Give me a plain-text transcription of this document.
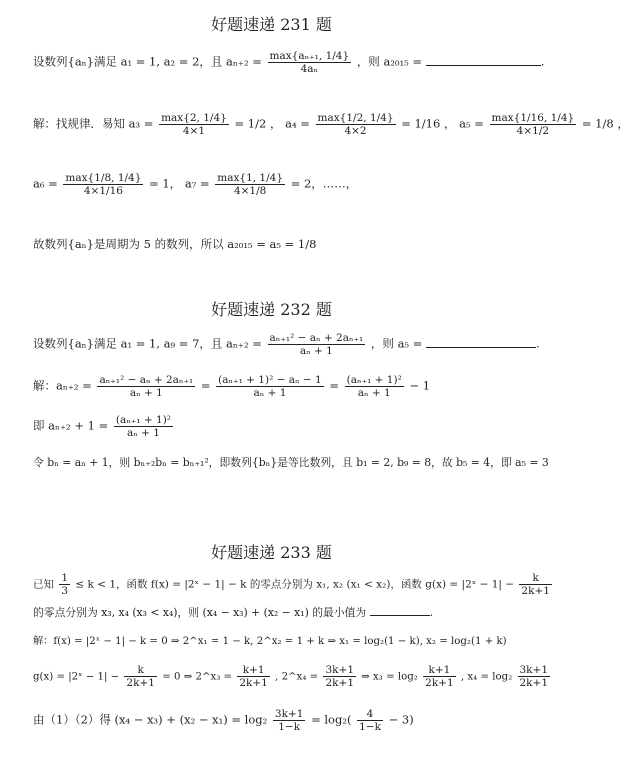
好题速递 231 题
设数列{aₙ}满足 a₁ = 1, a₂ = 2，且 aₙ₊₂ = max{aₙ₊₁, 1/4}
4aₙ
，则 a₂₀₁₅ =	.
解：找规律．易知 a₃ = max{2, 1/4}
4×1
= 1/2 ， a₄ = max{1/2, 1/4}
4×2
= 1/16 ， a₅ = max{1/16, 1/4}
4×1/2
= 1/8 ，
a₆ = max{1/8, 1/4}
4×1/16
= 1， a₇ = max{1, 1/4}
4×1/8
= 2，……，
故数列{aₙ}是周期为 5 的数列，所以 a₂₀₁₅ = a₅ = 1/8
好题速递 232 题
设数列{aₙ}满足 a₁ = 1, a₉ = 7，且 $a_{n+2} = \frac{\text{aₙ₊₁² − aₙ + 2aₙ₊₁}}{\text{aₙ + 1}}$ ，则 a₅ =	.
解：$a_{n+2} = \frac{\text{aₙ₊₁² − aₙ + 2aₙ₊₁}}{\text{aₙ + 1}} = \frac{\text{(aₙ₊₁ + 1)² − aₙ − 1}}{\text{aₙ + 1}} = \frac{\text{(aₙ₊₁ + 1)²}}{\text{aₙ + 1}} - 1$
即 $a_{n+2} + 1 = \frac{\text{(aₙ₊₁ + 1)²}}{\text{aₙ + 1}}$
令 bₙ = aₙ + 1，则 bₙ₊₂bₙ = bₙ₊₁²，即数列{bₙ}是等比数列，且 b₁ = 2, b₉ = 8，故 b₅ = 4，即 a₅ = 3
好题速递 233 题
已知 $\frac{1}{3} \le k < 1$，函数 f(x) = |2ˣ − 1| − k 的零点分别为 x₁, x₂ (x₁ < x₂)，函数 g(x) = |2ˣ − $1| - \frac{k}{2k+1}$
的零点分别为 x₃, x₄ (x₃ < x₄)，则 (x₄ − x₃) + (x₂ − x₁) 的最小值为	.
解：f(x) = |2ˣ − 1| − k = 0 ⇒ 2^x₁ = 1 − k, 2^x₂ = 1 + k ⇒ x₁ = log₂(1 − k), x₂ = log₂(1 + k)
g(x) = |2ˣ − $1| - \frac{k}{2k+1} = 0$ ⇒ 2^x₃ = $\frac{k+1}{2k+1}$ , 2^x₄ = $\frac{3k+1}{2k+1}$ ⇒ $x_3 = \log_2 \frac{k+1}{2k+1}$ , $x_4 = \log_2 \frac{3k+1}{2k+1}$
由（1）（2）得 $(x_4 - x_3) + (x_2 - x_1) = \log_2 \frac{3k+1}{1-k} = \log_2( \frac{4}{1-k} - 3)$
